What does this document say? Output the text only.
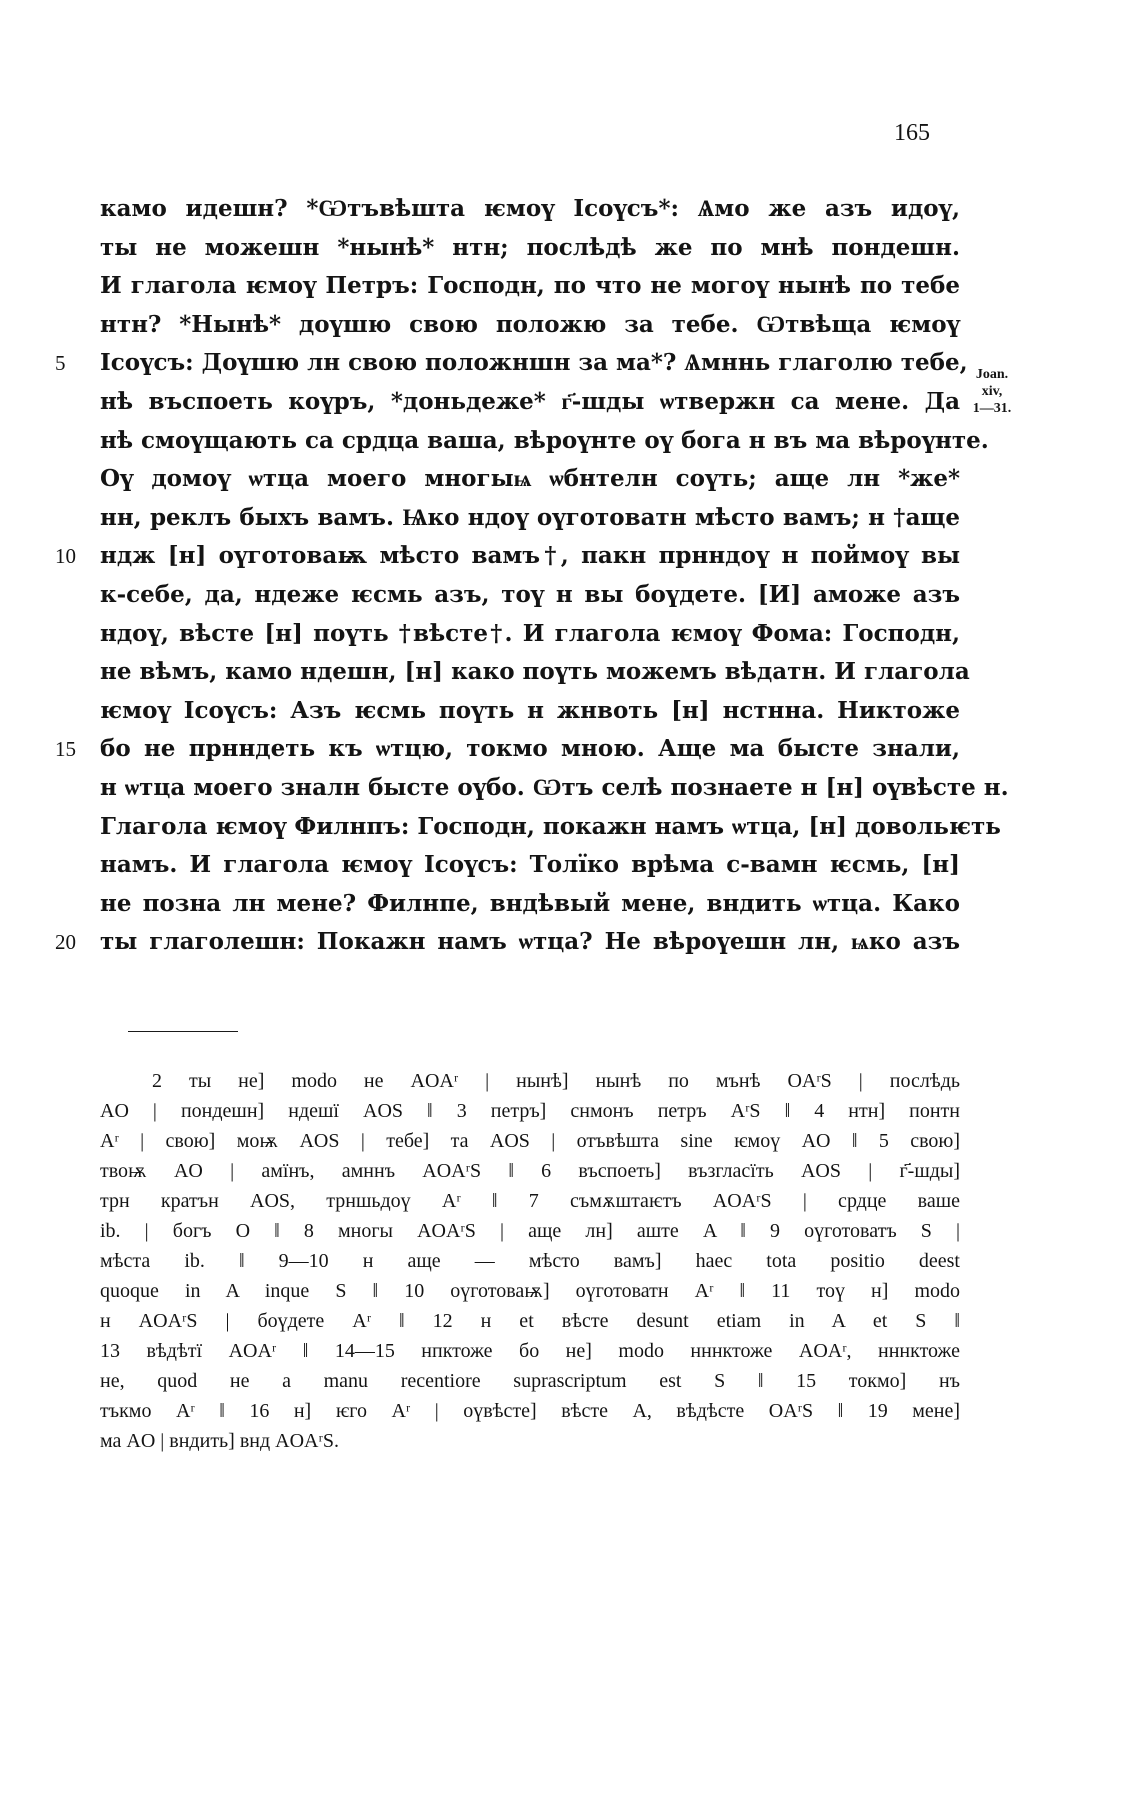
165
камо идешн? *Ѡтъвѣштa ѥмоү Ісоүсъ*: Ѧмо же азъ идоү,
ты не можешн *нынѣ* нтн; послѣдѣ же по мнѣ пондешн.
И глагола ѥмоү Петръ: Господн, по что не могоү нынѣ по тебе
нтн? *Нынѣ* доүшю свою положю за тебе. Ѡтвѣща ѥмоү
5	Ісоүсъ: Доүшю лн свою положншн за ма*? Ѧмннь глаголю тебе,
нѣ въспоеть коүръ, *доньдеже* г҃-шды ѡтвержн са мене. Да
нѣ смоүщають са срдца ваша, вѣроүнте оү бога н въ ма вѣроүнте.
Оү домоү ѡтца моего многыѩ ѡбнтелн соүть; аще лн *же*
нн, реклъ быхъ вамъ. Ѩко ндоү оүготоватн мѣсто вамъ; н †аще
10	ндж [н] оүготоваѭ мѣсто вамъ†, пакн прнндоү н поймоү вы
к-себе, да, ндеже ѥсмь азъ, тоү н вы боүдете. [И] аможе азъ
ндоү, вѣсте [н] поүть †вѣсте†. И глагола ѥмоү Фома: Господн,
не вѣмъ, камо ндешн, [н] како поүть можемъ вѣдатн. И глагола
ѥмоү Ісоүсъ: Азъ ѥсмь поүть н жнвоть [н] нстнна. Никтоже
15	бо не прнндеть къ ѡтцю, токмо мною. Аще ма бысте знали,
н ѡтца моего зналн бысте оүбо. Ѡтъ селѣ познаете н [н] оүвѣсте н.
Глагола ѥмоү Филнпъ: Господн, покажн намъ ѡтца, [н] довольѥть
намъ. И глагола ѥмоү Ісоүсъ: Толїко врѣма с-вамн ѥсмь, [н]
не позна лн мене? Филнпе, вндѣвый мене, вндить ѡтца. Како
20	ты глаголешн: Покажн намъ ѡтца? Не вѣроүешн лн, ѩко азъ
Joan.
xiv,
1—31.
2 ты не] modo не AOAʳ | нынѣ] нынѣ по мънѣ OAʳS | послѣдь
AO | пондешн] ндешї AOS ‖ 3 петръ] снмонъ петръ AʳS ‖ 4 нтн] понтн
Aʳ | свою] моѭ AOS | тебе] та AOS | отъвѣшта sine ѥмоү AO ‖ 5 свою]
твоѭ AO | амїнъ, амннъ AOAʳS ‖ 6 въспоеть] възгласїть AOS | г҃-шды]
трн кратън AOS, трншьдоү Aʳ ‖ 7 съмѫштаѥтъ AOAʳS | срдце ваше
ib. | богъ O ‖ 8 многы AOAʳS | аще лн] аште A ‖ 9 оүготоватъ S |
мѣста ib. ‖ 9—10 н аще — мѣсто вамъ] haec tota positio deest
quoque in A inque S ‖ 10 оүготоваѭ] оүготоватн Aʳ ‖ 11 тоү н] modo
н AOAʳS | боүдете Aʳ ‖ 12 н et вѣсте desunt etiam in A et S ‖
13 вѣдѣтї AOAʳ ‖ 14—15 нпктоже бо не] modo нннктоже AOAʳ, нннктоже
не, quod не a manu recentiore suprascriptum est S ‖ 15 токмо] нъ
тъкмо Aʳ ‖ 16 н] ѥго Aʳ | оүвѣсте] вѣсте A, вѣдѣсте OAʳS ‖ 19 мене]
ма AO | вндить] внд AOAʳS.
